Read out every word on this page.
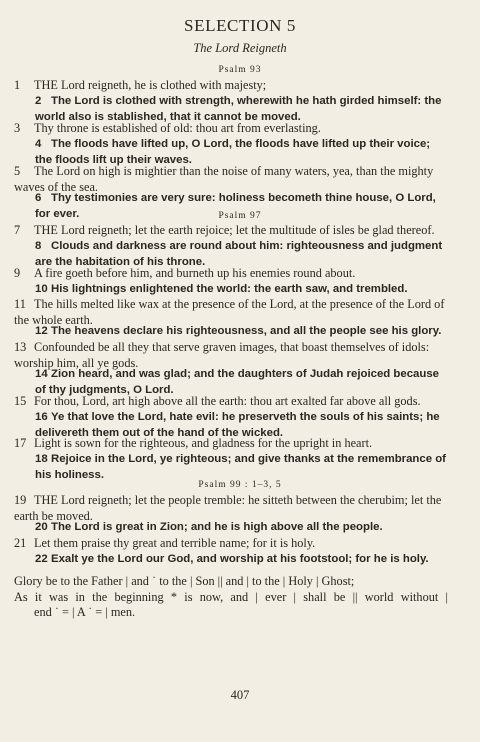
SELECTION 5
The Lord Reigneth
Psalm 93
1 THE Lord reigneth, he is clothed with majesty;
2 The Lord is clothed with strength, wherewith he hath girded himself: the world also is stablished, that it cannot be moved.
3 Thy throne is established of old: thou art from everlasting.
4 The floods have lifted up, O Lord, the floods have lifted up their voice; the floods lift up their waves.
5 The Lord on high is mightier than the noise of many waters, yea, than the mighty waves of the sea.
6 Thy testimonies are very sure: holiness becometh thine house, O Lord, for ever.	Psalm 97
7 THE Lord reigneth; let the earth rejoice; let the multitude of isles be glad thereof.
8 Clouds and darkness are round about him: righteousness and judgment are the habitation of his throne.
9 A fire goeth before him, and burneth up his enemies round about.
10 His lightnings enlightened the world: the earth saw, and trembled.
11 The hills melted like wax at the presence of the Lord, at the presence of the Lord of the whole earth.
12 The heavens declare his righteousness, and all the people see his glory.
13 Confounded be all they that serve graven images, that boast themselves of idols: worship him, all ye gods.
14 Zion heard, and was glad; and the daughters of Judah rejoiced because of thy judgments, O Lord.
15 For thou, Lord, art high above all the earth: thou art exalted far above all gods.
16 Ye that love the Lord, hate evil: he preserveth the souls of his saints; he delivereth them out of the hand of the wicked.
17 Light is sown for the righteous, and gladness for the upright in heart.
18 Rejoice in the Lord, ye righteous; and give thanks at the remembrance of his holiness.
Psalm 99 : 1–3, 5
19 THE Lord reigneth; let the people tremble: he sitteth between the cherubim; let the earth be moved.
20 The Lord is great in Zion; and he is high above all the people.
21 Let them praise thy great and terrible name; for it is holy.
22 Exalt ye the Lord our God, and worship at his footstool; for he is holy.
Glory be to the Father | and ˙ to the | Son || and | to the | Holy | Ghost;
As it was in the beginning * is now, and | ever | shall be || world without |
end ˙ = | A ˙ = | men.
407
